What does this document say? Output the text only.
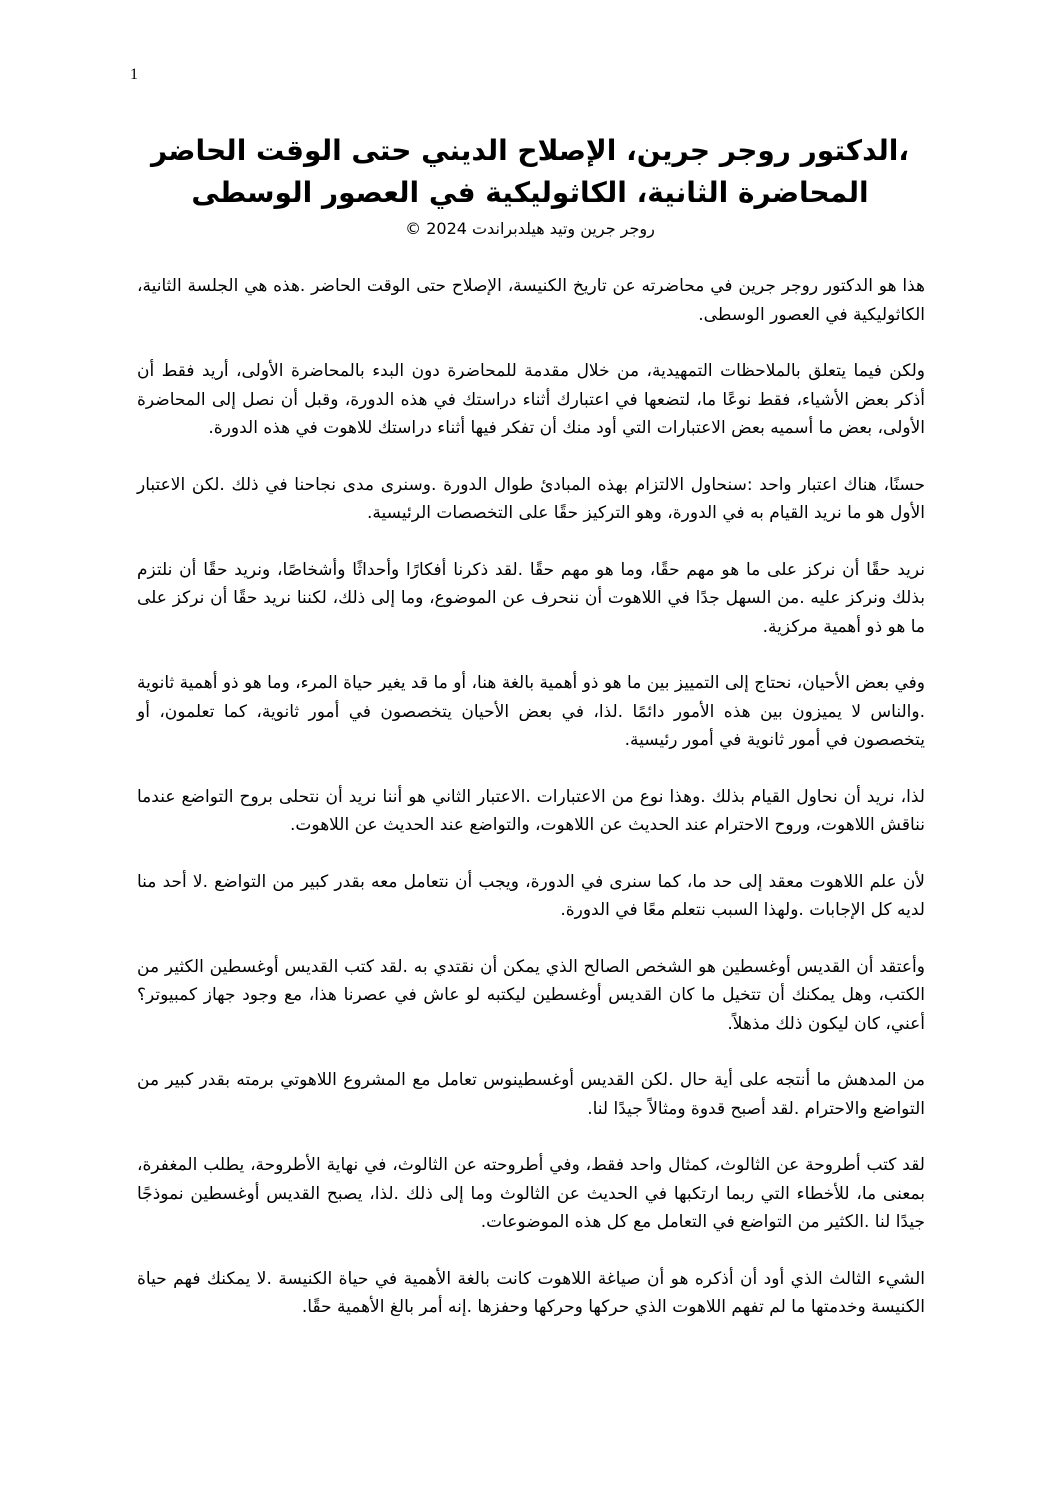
1
،الدكتور روجر جرين، الإصلاح الديني حتى الوقت الحاضر
المحاضرة الثانية، الكاثوليكية في العصور الوسطى
روجر جرين وتيد هيلدبراندت 2024 ©

هذا هو الدكتور روجر جرين في محاضرته عن تاريخ الكنيسة، الإصلاح حتى الوقت الحاضر .هذه هي الجلسة الثانية، الكاثوليكية في العصور الوسطى.

ولكن فيما يتعلق بالملاحظات التمهيدية، من خلال مقدمة للمحاضرة دون البدء بالمحاضرة الأولى، أريد فقط أن أذكر بعض الأشياء، فقط نوعًا ما، لتضعها في اعتبارك أثناء دراستك في هذه الدورة، وقبل أن نصل إلى المحاضرة الأولى، بعض ما أسميه بعض الاعتبارات التي أود منك أن تفكر فيها أثناء دراستك للاهوت في هذه الدورة.

حسنًا، هناك اعتبار واحد :سنحاول الالتزام بهذه المبادئ طوال الدورة .وسنرى مدى نجاحنا في ذلك .لكن الاعتبار الأول هو ما نريد القيام به في الدورة، وهو التركيز حقًا على التخصصات الرئيسية.

نريد حقًا أن نركز على ما هو مهم حقًا، وما هو مهم حقًا .لقد ذكرنا أفكارًا وأحداثًا وأشخاصًا، ونريد حقًا أن نلتزم بذلك ونركز عليه .من السهل جدًا في اللاهوت أن ننحرف عن الموضوع، وما إلى ذلك، لكننا نريد حقًا أن نركز على ما هو ذو أهمية مركزية.

وفي بعض الأحيان، نحتاج إلى التمييز بين ما هو ذو أهمية بالغة هنا، أو ما قد يغير حياة المرء، وما هو ذو أهمية ثانوية .والناس لا يميزون بين هذه الأمور دائمًا .لذا، في بعض الأحيان يتخصصون في أمور ثانوية، كما تعلمون، أو يتخصصون في أمور ثانوية في أمور رئيسية.

لذا، نريد أن نحاول القيام بذلك .وهذا نوع من الاعتبارات .الاعتبار الثاني هو أننا نريد أن نتحلى بروح التواضع عندما نناقش اللاهوت، وروح الاحترام عند الحديث عن اللاهوت، والتواضع عند الحديث عن اللاهوت.

لأن علم اللاهوت معقد إلى حد ما، كما سنرى في الدورة، ويجب أن نتعامل معه بقدر كبير من التواضع .لا أحد منا لديه كل الإجابات .ولهذا السبب نتعلم معًا في الدورة.

وأعتقد أن القديس أوغسطين هو الشخص الصالح الذي يمكن أن نقتدي به .لقد كتب القديس أوغسطين الكثير من الكتب، وهل يمكنك أن تتخيل ما كان القديس أوغسطين ليكتبه لو عاش في عصرنا هذا، مع وجود جهاز كمبيوتر؟ أعني، كان ليكون ذلك مذهلاً.

من المدهش ما أنتجه على أية حال .لكن القديس أوغسطينوس تعامل مع المشروع اللاهوتي برمته بقدر كبير من التواضع والاحترام .لقد أصبح قدوة ومثالاً جيدًا لنا.

لقد كتب أطروحة عن الثالوث، كمثال واحد فقط، وفي أطروحته عن الثالوث، في نهاية الأطروحة، يطلب المغفرة، بمعنى ما، للأخطاء التي ربما ارتكبها في الحديث عن الثالوث وما إلى ذلك .لذا، يصبح القديس أوغسطين نموذجًا جيدًا لنا .الكثير من التواضع في التعامل مع كل هذه الموضوعات.

الشيء الثالث الذي أود أن أذكره هو أن صياغة اللاهوت كانت بالغة الأهمية في حياة الكنيسة .لا يمكنك فهم حياة الكنيسة وخدمتها ما لم تفهم اللاهوت الذي حركها وحركها وحفزها .إنه أمر بالغ الأهمية حقًا.
